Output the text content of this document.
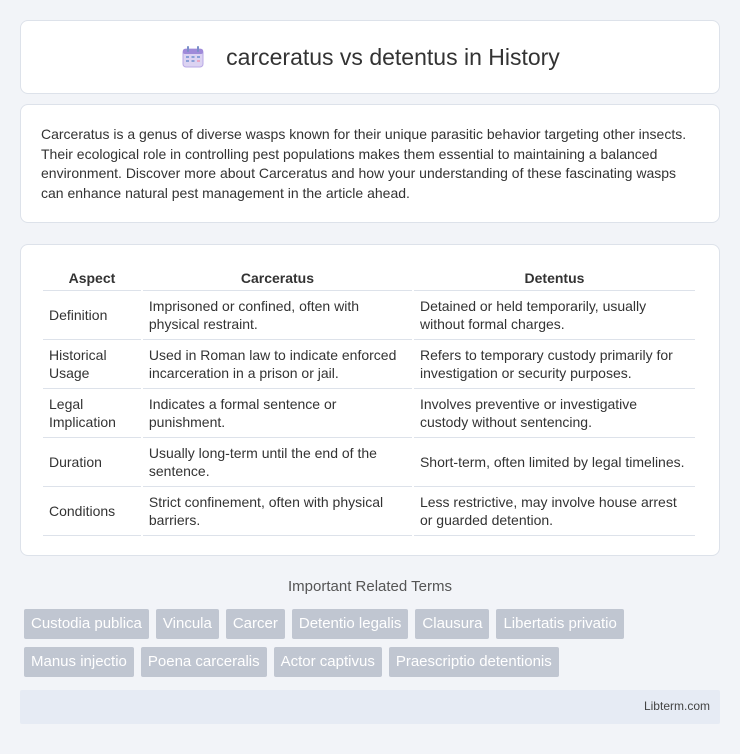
carceratus vs detentus in History

Carceratus is a genus of diverse wasps known for their unique parasitic behavior targeting other insects. Their ecological role in controlling pest populations makes them essential to maintaining a balanced environment. Discover more about Carceratus and how your understanding of these fascinating wasps can enhance natural pest management in the article ahead.

Aspect	Carceratus	Detentus
Definition	Imprisoned or confined, often with physical restraint.	Detained or held temporarily, usually without formal charges.
Historical Usage	Used in Roman law to indicate enforced incarceration in a prison or jail.	Refers to temporary custody primarily for investigation or security purposes.
Legal Implication	Indicates a formal sentence or punishment.	Involves preventive or investigative custody without sentencing.
Duration	Usually long-term until the end of the sentence.	Short-term, often limited by legal timelines.
Conditions	Strict confinement, often with physical barriers.	Less restrictive, may involve house arrest or guarded detention.
Important Related Terms
Custodia publica	Vincula	Carcer	Detentio legalis	Clausura	Libertatis privatio
Manus injectio	Poena carceralis	Actor captivus	Praescriptio detentionis
Libterm.com
